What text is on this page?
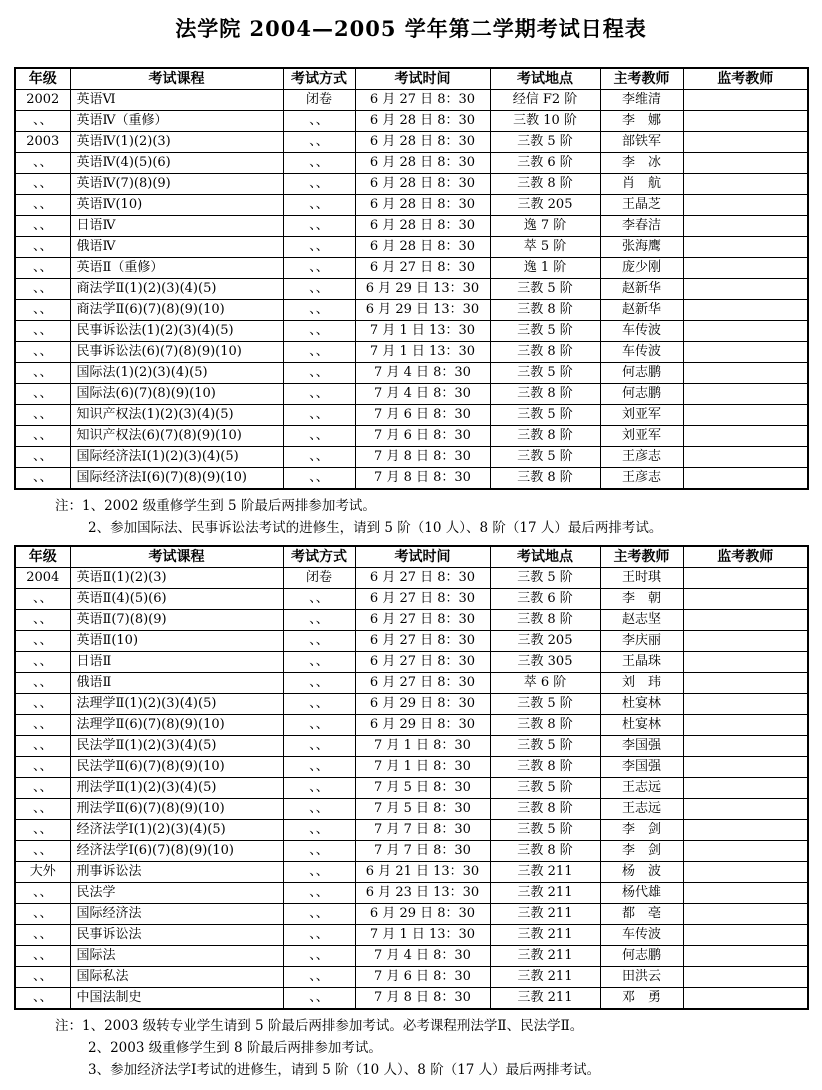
法学院 2004—2005 学年第二学期考试日程表
年级	考试课程	考试方式	考试时间	考试地点	主考教师	监考教师
2002	英语Ⅵ	闭卷	6 月 27 日 8：30	经信 F2 阶	李维清	
、、	英语Ⅳ（重修）	、、	6 月 28 日 8：30	三教 10 阶	李　娜	
2003	英语Ⅳ(1)(2)(3)	、、	6 月 28 日 8：30	三教 5 阶	部铁军	
、、	英语Ⅳ(4)(5)(6)	、、	6 月 28 日 8：30	三教 6 阶	李　冰	
、、	英语Ⅳ(7)(8)(9)	、、	6 月 28 日 8：30	三教 8 阶	肖　航	
、、	英语Ⅳ(10)	、、	6 月 28 日 8：30	三教 205	王晶芝	
、、	日语Ⅳ	、、	6 月 28 日 8：30	逸 7 阶	李春洁	
、、	俄语Ⅳ	、、	6 月 28 日 8：30	萃 5 阶	张海鹰	
、、	英语Ⅱ（重修）	、、	6 月 27 日 8：30	逸 1 阶	庞少刚	
、、	商法学Ⅱ(1)(2)(3)(4)(5)	、、	6 月 29 日 13：30	三教 5 阶	赵新华	
、、	商法学Ⅱ(6)(7)(8)(9)(10)	、、	6 月 29 日 13：30	三教 8 阶	赵新华	
、、	民事诉讼法(1)(2)(3)(4)(5)	、、	7 月 1 日 13：30	三教 5 阶	车传波	
、、	民事诉讼法(6)(7)(8)(9)(10)	、、	7 月 1 日 13：30	三教 8 阶	车传波	
、、	国际法(1)(2)(3)(4)(5)	、、	7 月 4 日 8：30	三教 5 阶	何志鹏	
、、	国际法(6)(7)(8)(9)(10)	、、	7 月 4 日 8：30	三教 8 阶	何志鹏	
、、	知识产权法(1)(2)(3)(4)(5)	、、	7 月 6 日 8：30	三教 5 阶	刘亚军	
、、	知识产权法(6)(7)(8)(9)(10)	、、	7 月 6 日 8：30	三教 8 阶	刘亚军	
、、	国际经济法Ⅰ(1)(2)(3)(4)(5)	、、	7 月 8 日 8：30	三教 5 阶	王彦志	
、、	国际经济法Ⅰ(6)(7)(8)(9)(10)	、、	7 月 8 日 8：30	三教 8 阶	王彦志	
注：1、2002 级重修学生到 5 阶最后两排参加考试。
2、参加国际法、民事诉讼法考试的进修生，请到 5 阶（10 人）、8 阶（17 人）最后两排考试。
年级	考试课程	考试方式	考试时间	考试地点	主考教师	监考教师
2004	英语Ⅱ(1)(2)(3)	闭卷	6 月 27 日 8：30	三教 5 阶	王时琪	
、、	英语Ⅱ(4)(5)(6)	、、	6 月 27 日 8：30	三教 6 阶	李　朝	
、、	英语Ⅱ(7)(8)(9)	、、	6 月 27 日 8：30	三教 8 阶	赵志坚	
、、	英语Ⅱ(10)	、、	6 月 27 日 8：30	三教 205	李庆丽	
、、	日语Ⅱ	、、	6 月 27 日 8：30	三教 305	王晶珠	
、、	俄语Ⅱ	、、	6 月 27 日 8：30	萃 6 阶	刘　玮	
、、	法理学Ⅱ(1)(2)(3)(4)(5)	、、	6 月 29 日 8：30	三教 5 阶	杜宴林	
、、	法理学Ⅱ(6)(7)(8)(9)(10)	、、	6 月 29 日 8：30	三教 8 阶	杜宴林	
、、	民法学Ⅱ(1)(2)(3)(4)(5)	、、	7 月 1 日 8：30	三教 5 阶	李国强	
、、	民法学Ⅱ(6)(7)(8)(9)(10)	、、	7 月 1 日 8：30	三教 8 阶	李国强	
、、	刑法学Ⅱ(1)(2)(3)(4)(5)	、、	7 月 5 日 8：30	三教 5 阶	王志远	
、、	刑法学Ⅱ(6)(7)(8)(9)(10)	、、	7 月 5 日 8：30	三教 8 阶	王志远	
、、	经济法学Ⅰ(1)(2)(3)(4)(5)	、、	7 月 7 日 8：30	三教 5 阶	李　剑	
、、	经济法学Ⅰ(6)(7)(8)(9)(10)	、、	7 月 7 日 8：30	三教 8 阶	李　剑	
大外	刑事诉讼法	、、	6 月 21 日 13：30	三教 211	杨　波	
、、	民法学	、、	6 月 23 日 13：30	三教 211	杨代雄	
、、	国际经济法	、、	6 月 29 日 8：30	三教 211	都　亳	
、、	民事诉讼法	、、	7 月 1 日 13：30	三教 211	车传波	
、、	国际法	、、	7 月 4 日 8：30	三教 211	何志鹏	
、、	国际私法	、、	7 月 6 日 8：30	三教 211	田洪云	
、、	中国法制史	、、	7 月 8 日 8：30	三教 211	邓　勇	
注：1、2003 级转专业学生请到 5 阶最后两排参加考试。必考课程刑法学Ⅱ、民法学Ⅱ。
2、2003 级重修学生到 8 阶最后两排参加考试。
3、参加经济法学Ⅰ考试的进修生，请到 5 阶（10 人）、8 阶（17 人）最后两排考试。
